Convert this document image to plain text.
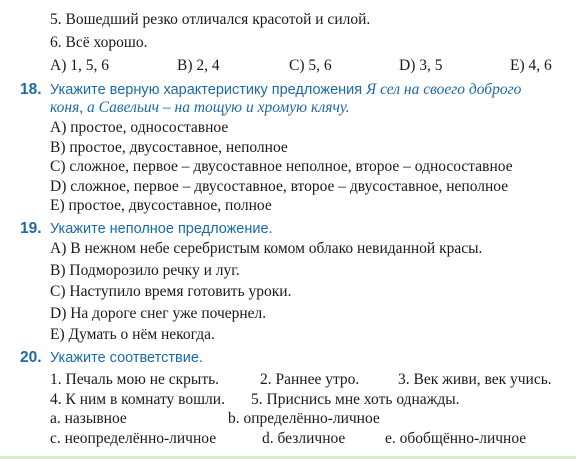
5. Вошедший резко отличался красотой и силой.
6. Всё хорошо.
A) 1, 5, 6	B) 2, 4	C) 5, 6	D) 3, 5	E) 4, 6
18. Укажите верную характеристику предложения Я сел на своего доброго
коня, а Савельич – на тощую и хромую клячу.
A) простое, односоставное
B) простое, двусоставное, неполное
C) сложное, первое – двусоставное неполное, второе – односоставное
D) сложное, первое – двусоставное, второе – двусоставное, неполное
E) простое, двусоставное, полное
19. Укажите неполное предложение.
A) В нежном небе серебристым комом облако невиданной красы.
B) Подморозило речку и луг.
C) Наступило время готовить уроки.
D) На дороге снег уже почернел.
E) Думать о нём некогда.
20. Укажите соответствие.
1. Печаль мою не скрыть.	2. Раннее утро. 3. Век живи, век учись.
4. К ним в комнату вошли. 5. Приснись мне хоть однажды.
a. назывное	b. определённо-личное
c. неопределённо-личное	d. безличное	e. обобщённо-личное
